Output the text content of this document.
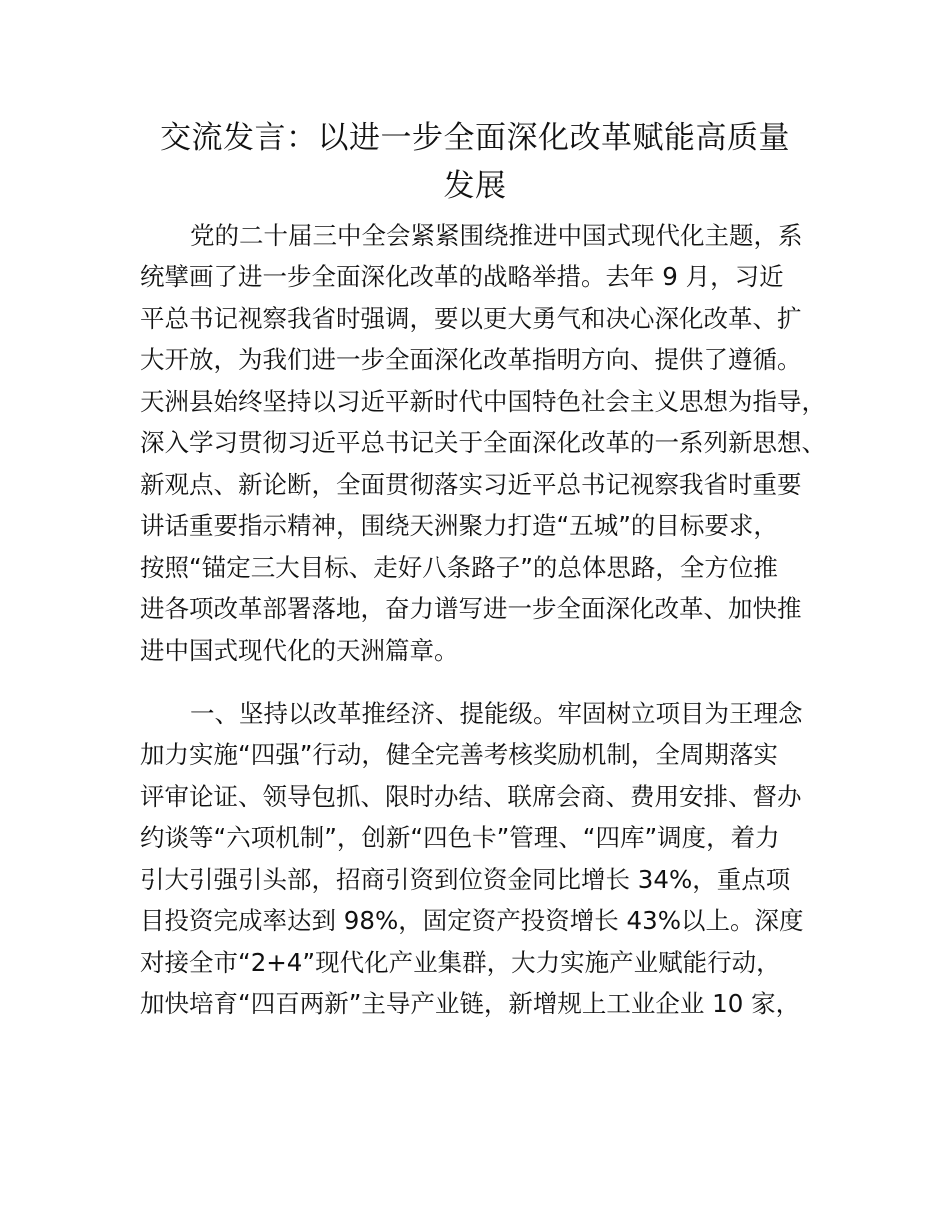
交流发言：以进一步全面深化改革赋能高质量
发展

党的二十届三中全会紧紧围绕推进中国式现代化主题，系

统擘画了进一步全面深化改革的战略举措。去年 9 月，习近

平总书记视察我省时强调，要以更大勇气和决心深化改革、扩

大开放，为我们进一步全面深化改革指明方向、提供了遵循。

天洲县始终坚持以习近平新时代中国特色社会主义思想为指导，

深入学习贯彻习近平总书记关于全面深化改革的一系列新思想、

新观点、新论断，全面贯彻落实习近平总书记视察我省时重要

讲话重要指示精神，围绕天洲聚力打造“五城”的目标要求，

按照“锚定三大目标、走好八条路子”的总体思路，全方位推

进各项改革部署落地，奋力谱写进一步全面深化改革、加快推

进中国式现代化的天洲篇章。

一、坚持以改革推经济、提能级。牢固树立项目为王理念

加力实施“四强”行动，健全完善考核奖励机制，全周期落实

评审论证、领导包抓、限时办结、联席会商、费用安排、督办

约谈等“六项机制”，创新“四色卡”管理、“四库”调度，着力

引大引强引头部，招商引资到位资金同比增长 34%，重点项

目投资完成率达到 98%，固定资产投资增长 43%以上。深度

对接全市“2+4”现代化产业集群，大力实施产业赋能行动，

加快培育“四百两新”主导产业链，新增规上工业企业 10 家，
